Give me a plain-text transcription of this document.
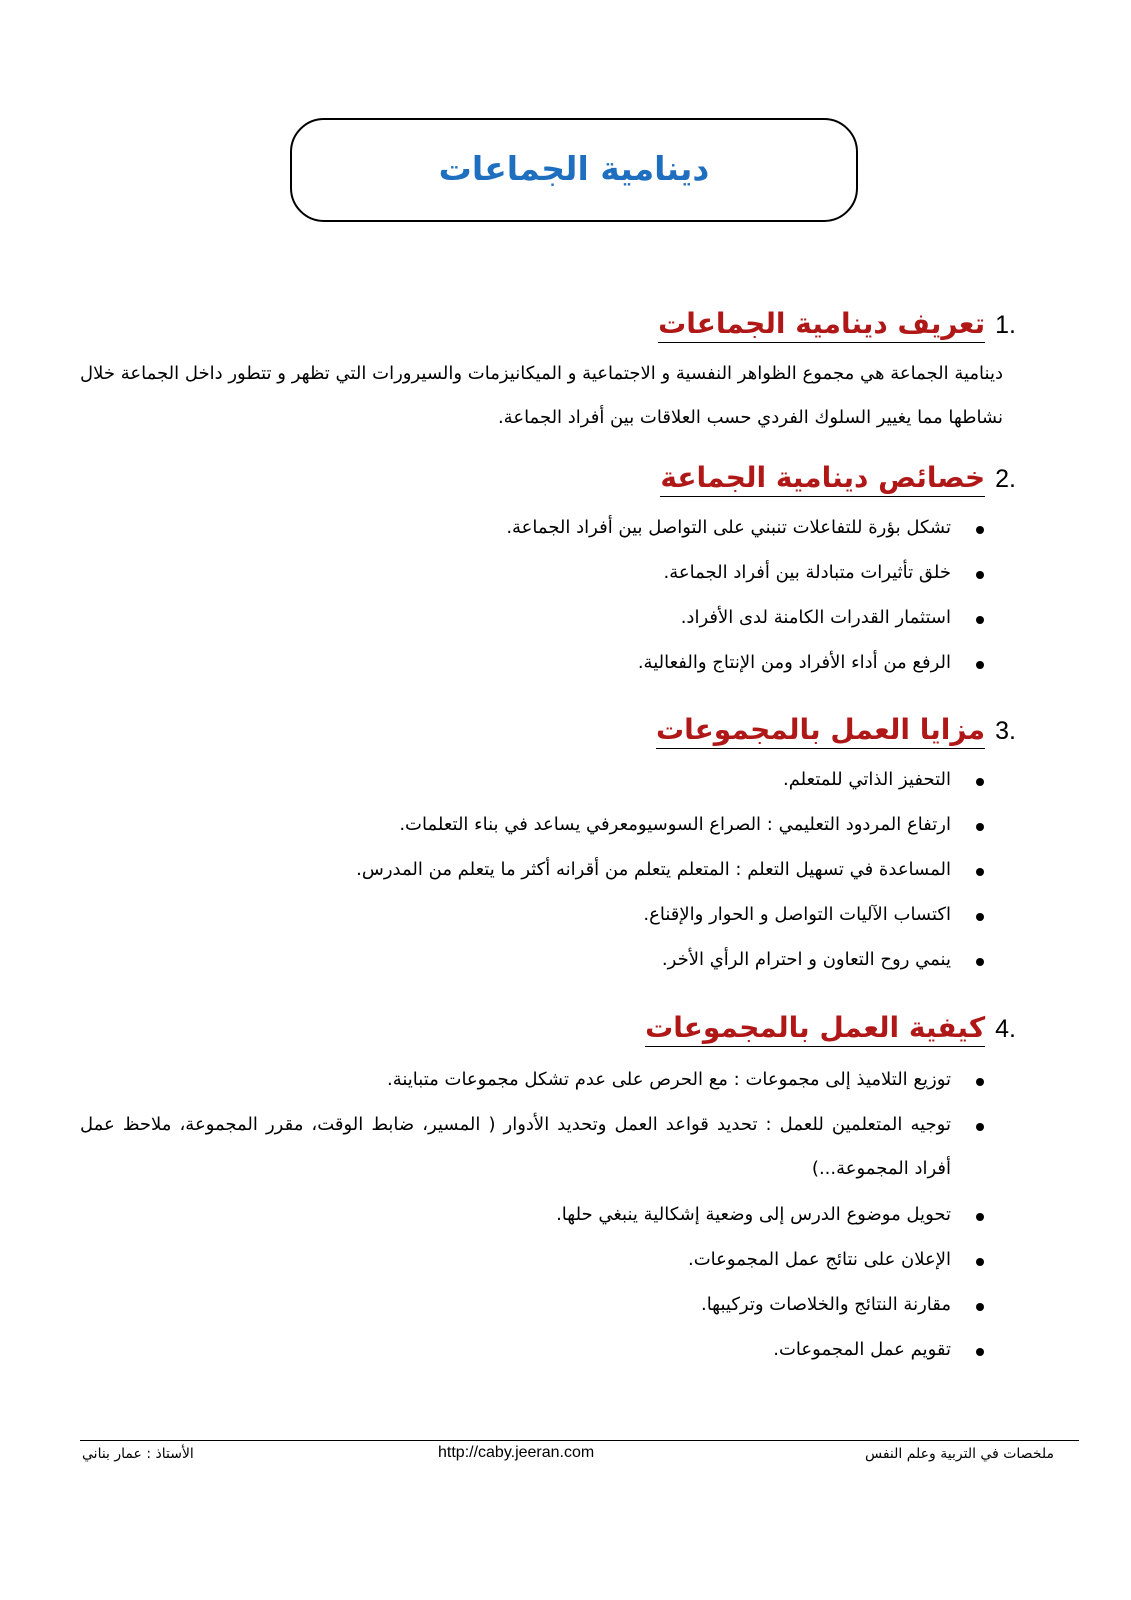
دينامية الجماعات
.1
تعريف دينامية الجماعات
دينامية الجماعة هي مجموع الظواهر النفسية و الاجتماعية و الميكانيزمات والسيرورات التي تظهر و تتطور داخل الجماعة خلال نشاطها مما يغيير السلوك الفردي حسب العلاقات بين أفراد الجماعة.
.2
خصائص دينامية الجماعة
تشكل بؤرة للتفاعلات تنبني على التواصل بين أفراد الجماعة.
خلق تأثيرات متبادلة بين أفراد الجماعة.
استثمار القدرات الكامنة لدى الأفراد.
الرفع من أداء الأفراد ومن الإنتاج والفعالية.
.3
مزايا العمل بالمجموعات
التحفيز الذاتي للمتعلم.
ارتفاع المردود التعليمي : الصراع السوسيومعرفي يساعد في بناء التعلمات.
المساعدة في تسهيل التعلم : المتعلم يتعلم من أقرانه أكثر ما يتعلم من المدرس.
اكتساب الآليات التواصل و الحوار والإقناع.
ينمي روح التعاون و احترام الرأي الأخر.
.4
كيفية العمل بالمجموعات
توزيع التلاميذ إلى مجموعات : مع الحرص على عدم تشكل مجموعات متباينة.
توجيه المتعلمين للعمل : تحديد قواعد العمل وتحديد الأدوار ( المسير، ضابط الوقت، مقرر المجموعة، ملاحظ عمل أفراد المجموعة...)
تحويل موضوع الدرس إلى وضعية إشكالية ينبغي حلها.
الإعلان على نتائج عمل المجموعات.
مقارنة النتائج والخلاصات وتركيبها.
تقويم عمل المجموعات.
ملخصات في التربية وعلم النفس
http://caby.jeeran.com
الأستاذ : عمار بناني
